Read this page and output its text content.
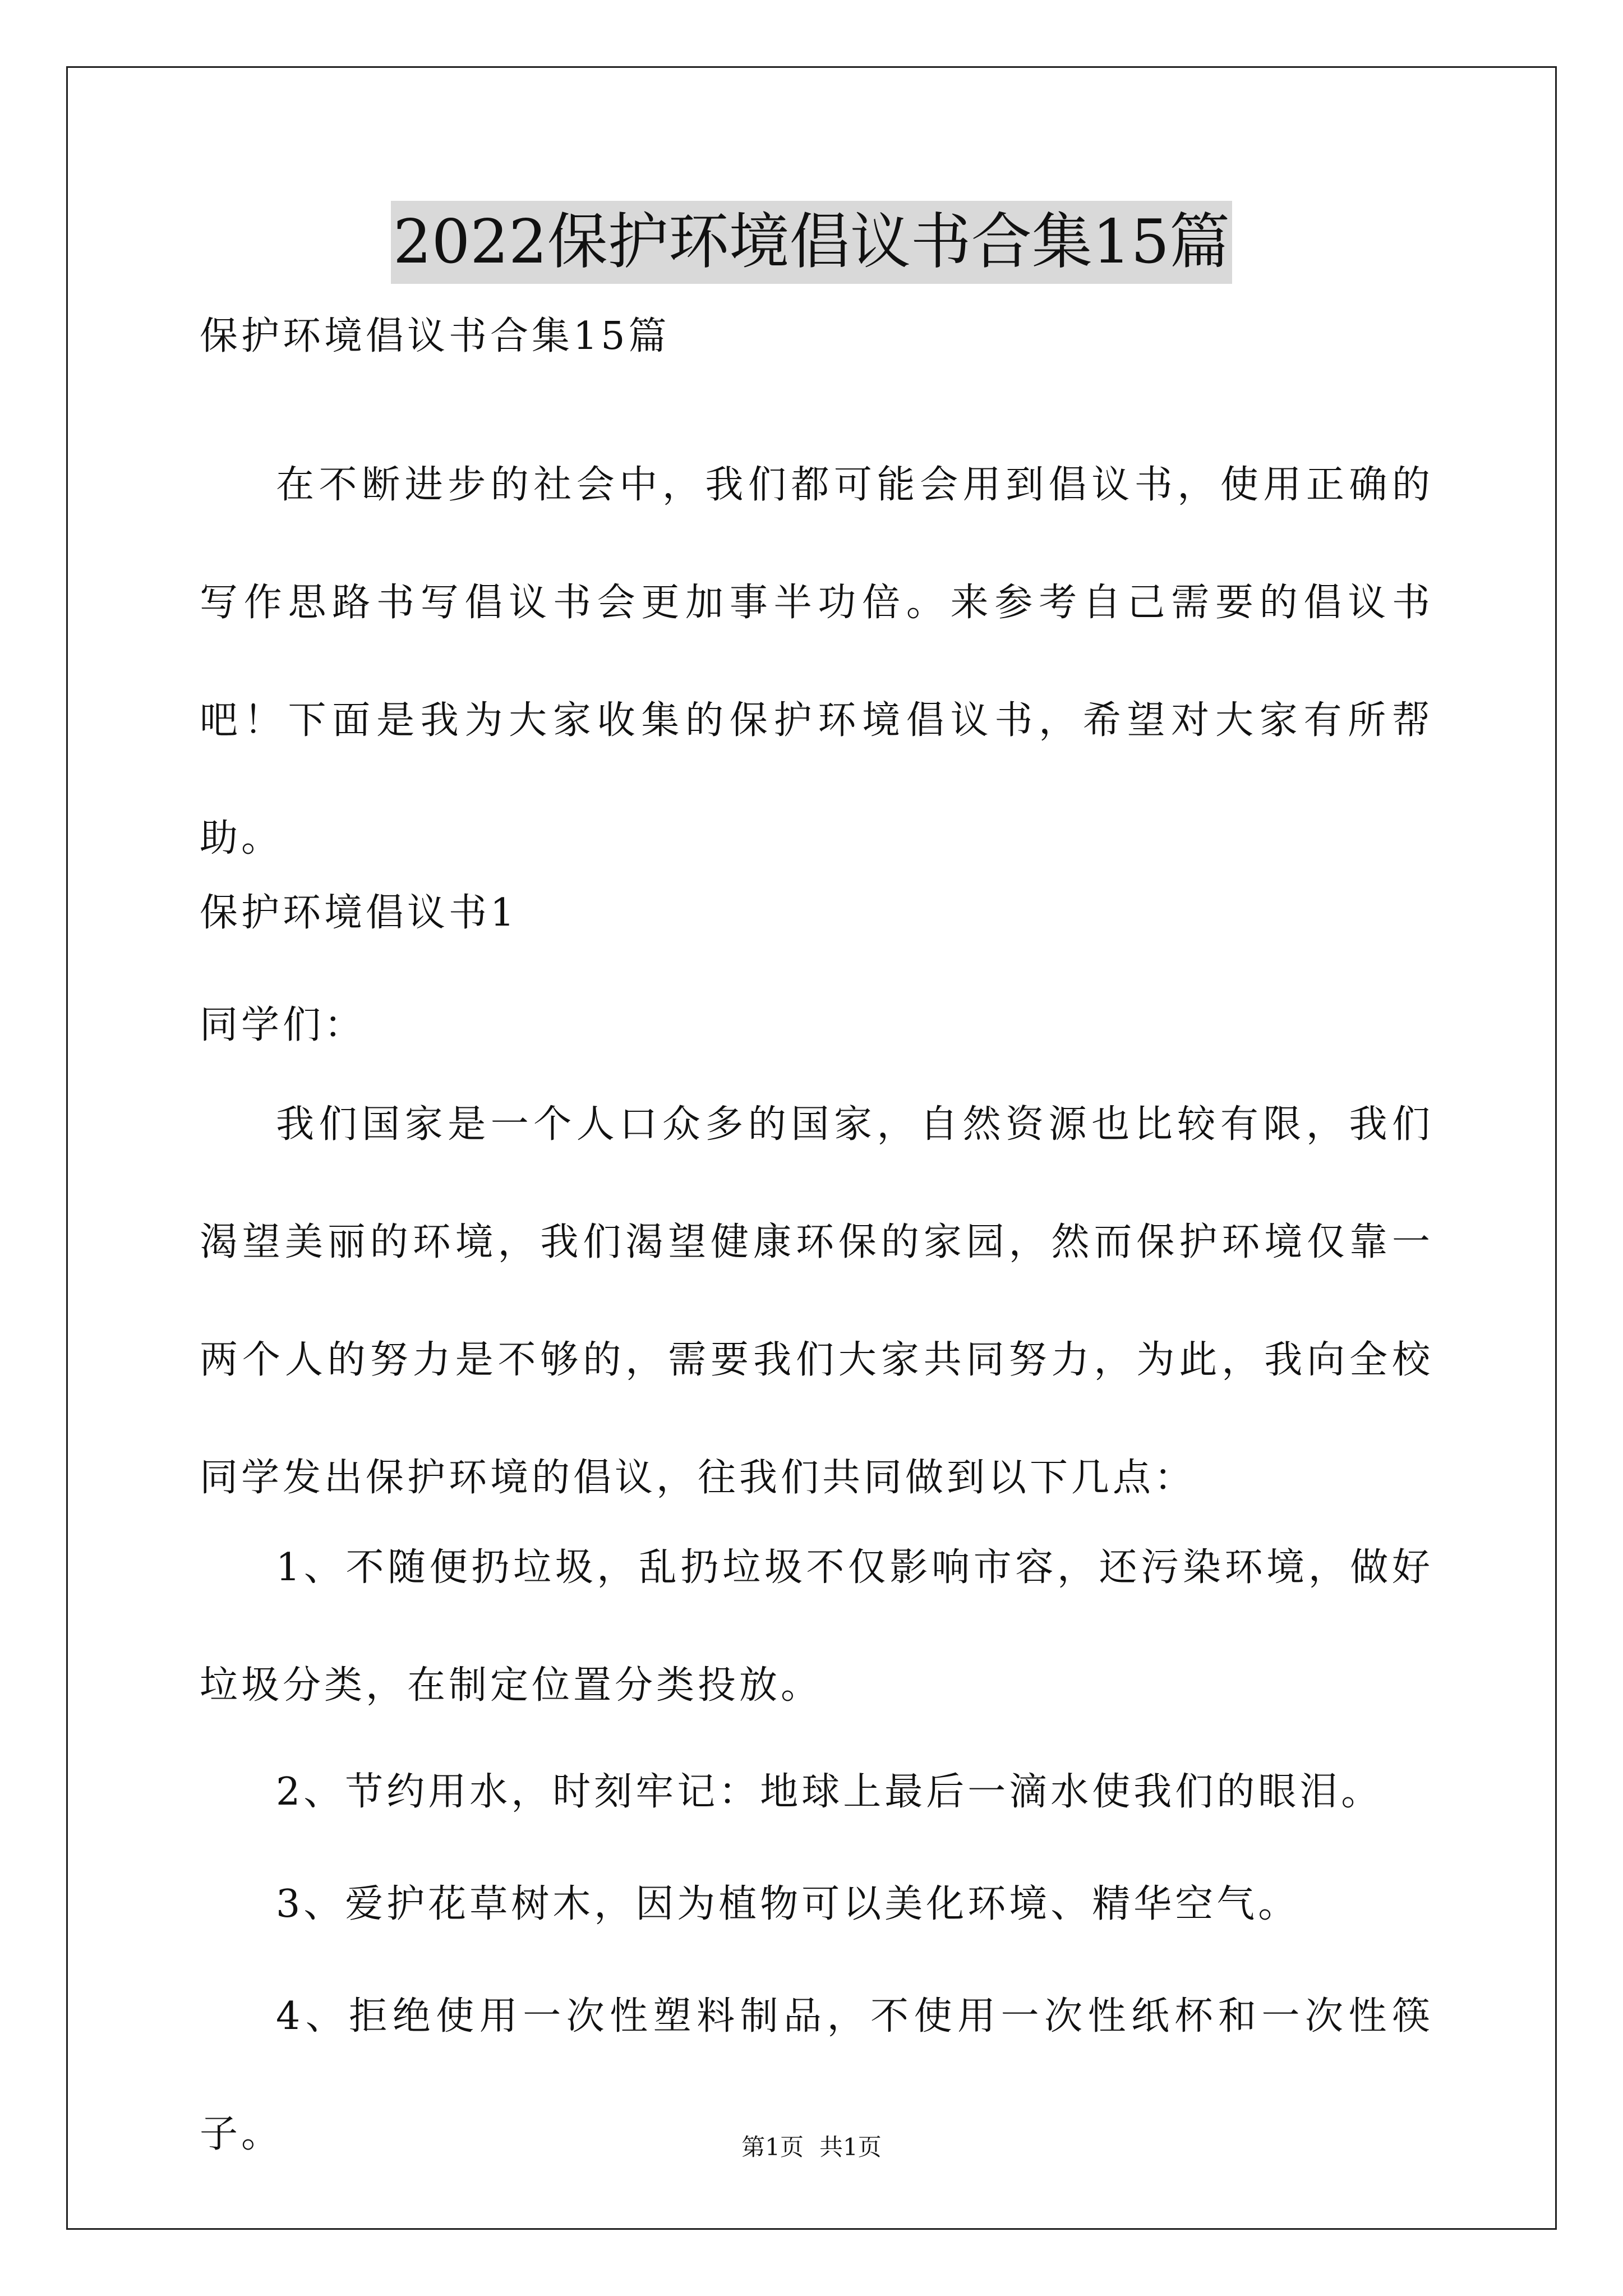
2022保护环境倡议书合集15篇
保护环境倡议书合集15篇
在不断进步的社会中，我们都可能会用到倡议书，使用正确的写作思路书写倡议书会更加事半功倍。来参考自己需要的倡议书吧！下面是我为大家收集的保护环境倡议书，希望对大家有所帮助。
保护环境倡议书1
同学们：
我们国家是一个人口众多的国家，自然资源也比较有限，我们渴望美丽的环境，我们渴望健康环保的家园，然而保护环境仅靠一两个人的努力是不够的，需要我们大家共同努力，为此，我向全校同学发出保护环境的倡议，往我们共同做到以下几点：
1、不随便扔垃圾，乱扔垃圾不仅影响市容，还污染环境，做好垃圾分类，在制定位置分类投放。
2、节约用水，时刻牢记：地球上最后一滴水使我们的眼泪。
3、爱护花草树木，因为植物可以美化环境、精华空气。
4、拒绝使用一次性塑料制品，不使用一次性纸杯和一次性筷子。	第1页 共1页
